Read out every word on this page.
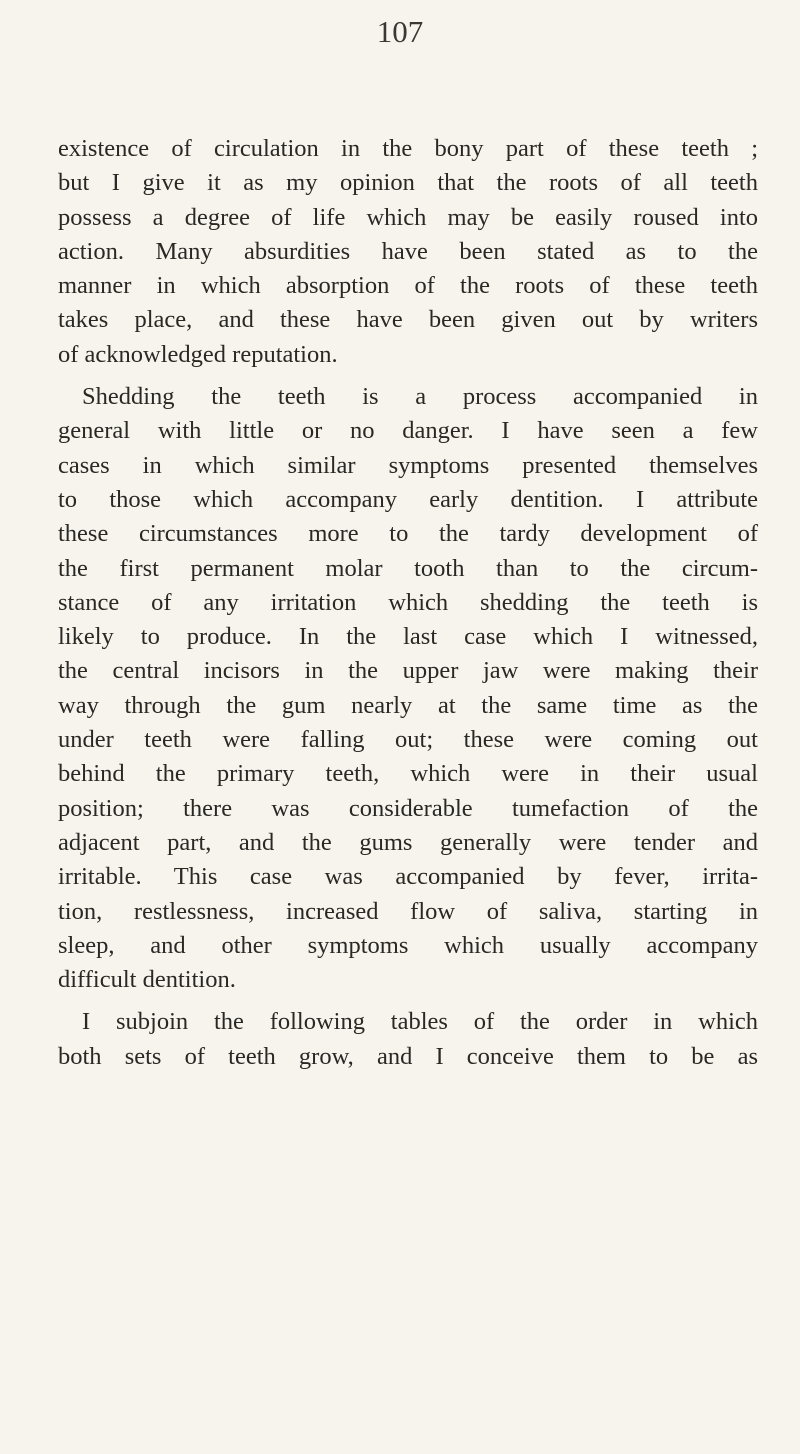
107
existence of circulation in the bony part of these teeth ;
but I give it as my opinion that the roots of all teeth
possess a degree of life which may be easily roused into
action. Many absurdities have been stated as to the
manner in which absorption of the roots of these teeth
takes place, and these have been given out by writers
of acknowledged reputation.
Shedding the teeth is a process accompanied in
general with little or no danger. I have seen a few
cases in which similar symptoms presented themselves
to those which accompany early dentition. I attribute
these circumstances more to the tardy development of
the first permanent molar tooth than to the circum-
stance of any irritation which shedding the teeth is
likely to produce. In the last case which I witnessed,
the central incisors in the upper jaw were making their
way through the gum nearly at the same time as the
under teeth were falling out; these were coming out
behind the primary teeth, which were in their usual
position; there was considerable tumefaction of the
adjacent part, and the gums generally were tender and
irritable. This case was accompanied by fever, irrita-
tion, restlessness, increased flow of saliva, starting in
sleep, and other symptoms which usually accompany
difficult dentition.
I subjoin the following tables of the order in which
both sets of teeth grow, and I conceive them to be as
